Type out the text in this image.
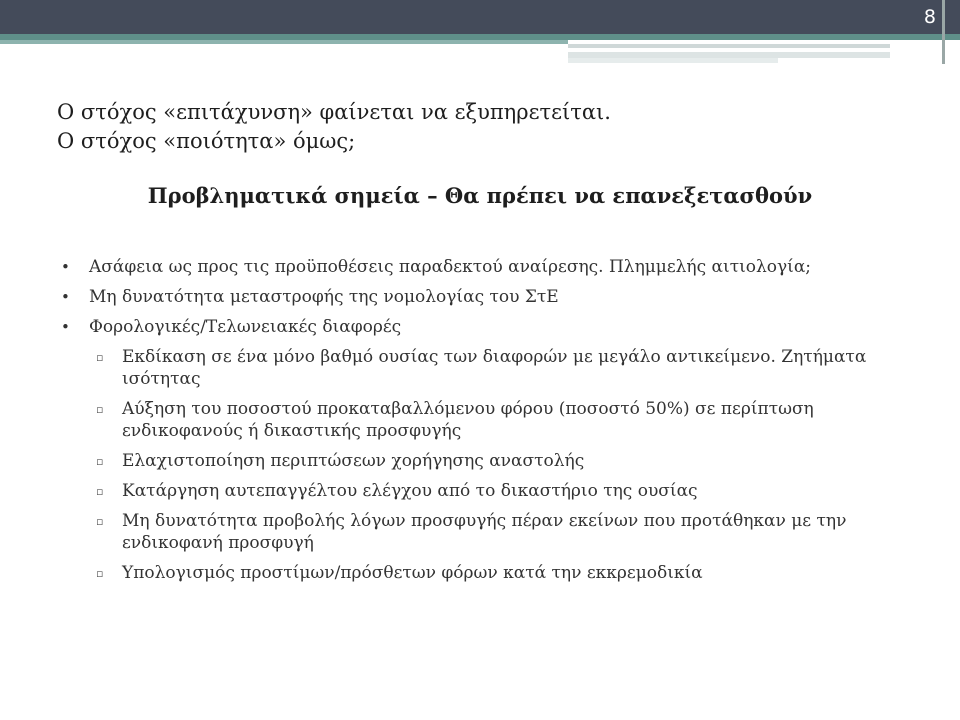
8
Ο στόχος «επιτάχυνση» φαίνεται να εξυπηρετείται.
Ο στόχος «ποιότητα» όμως;
Προβληματικά σημεία – Θα πρέπει να επανεξετασθούν
• Ασάφεια ως προς τις προϋποθέσεις παραδεκτού αναίρεσης. Πλημμελής αιτιολογία;
• Μη δυνατότητα μεταστροφής της νομολογίας του ΣτΕ
• Φορολογικές/Τελωνειακές διαφορές
▫ Εκδίκαση σε ένα μόνο βαθμό ουσίας των διαφορών με μεγάλο αντικείμενο. Ζητήματα ισότητας
▫ Αύξηση του ποσοστού προκαταβαλλόμενου φόρου (ποσοστό 50%) σε περίπτωση ενδικοφανούς ή δικαστικής προσφυγής
▫ Ελαχιστοποίηση περιπτώσεων χορήγησης αναστολής
▫ Κατάργηση αυτεπαγγέλτου ελέγχου από το δικαστήριο της ουσίας
▫ Μη δυνατότητα προβολής λόγων προσφυγής πέραν εκείνων που προτάθηκαν με την ενδικοφανή προσφυγή
▫ Υπολογισμός προστίμων/πρόσθετων φόρων κατά την εκκρεμοδικία
